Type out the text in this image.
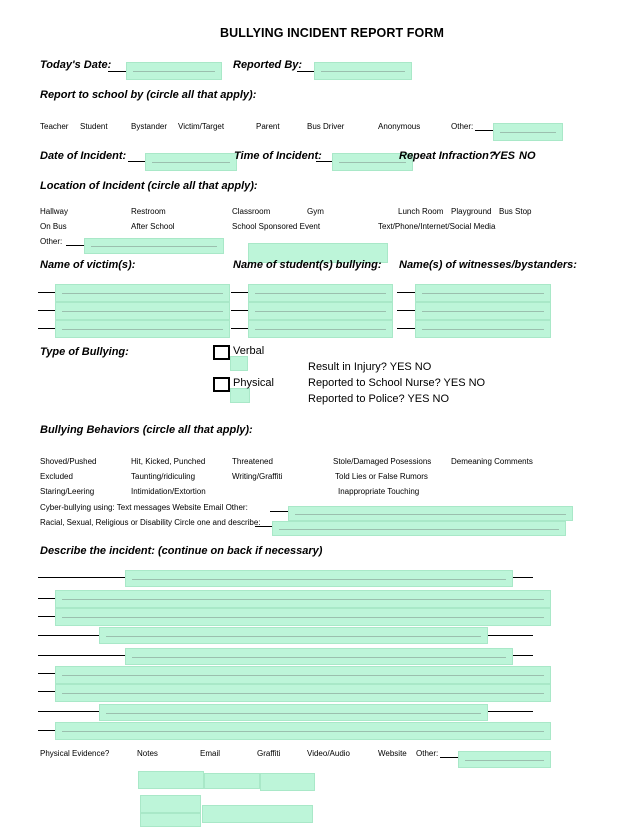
BULLYING INCIDENT REPORT FORM
Today's Date:	Reported By:
Report to school by (circle all that apply):
Teacher Student	Bystander Victim/Target	Parent	Bus Driver	Anonymous	Other:
Date of Incident:	Time of Incident:	Repeat Infraction?
YES NO
Location of Incident (circle all that apply):
Hallway	Restroom	Classroom	Gym	Lunch Room Playground Bus Stop
On Bus	After School	School Sponsored Event	Text/Phone/Internet/Social Media
Other:
Name of victim(s):	Name of student(s) bullying: Name(s) of witnesses/bystanders:
Type of Bullying:	Verbal
Result in Injury? YES NO
Physical	Reported to School Nurse? YES NO
Reported to Police? YES NO
Bullying Behaviors (circle all that apply):
Shoved/Pushed	Hit, Kicked, Punched	Threatened	Stole/Damaged Posessions Demeaning Comments
Excluded	Taunting/ridiculing	Writing/Graffiti	Told Lies or False Rumors
Staring/Leering	Intimidation/Extortion	Inappropriate Touching
Cyber-bullying using: Text messages Website Email Other:
Racial, Sexual, Religious or Disability Circle one and describe:
Describe the incident: (continue on back if necessary)
Physical Evidence?	Notes	Email	Graffiti	Video/Audio	Website Other:
